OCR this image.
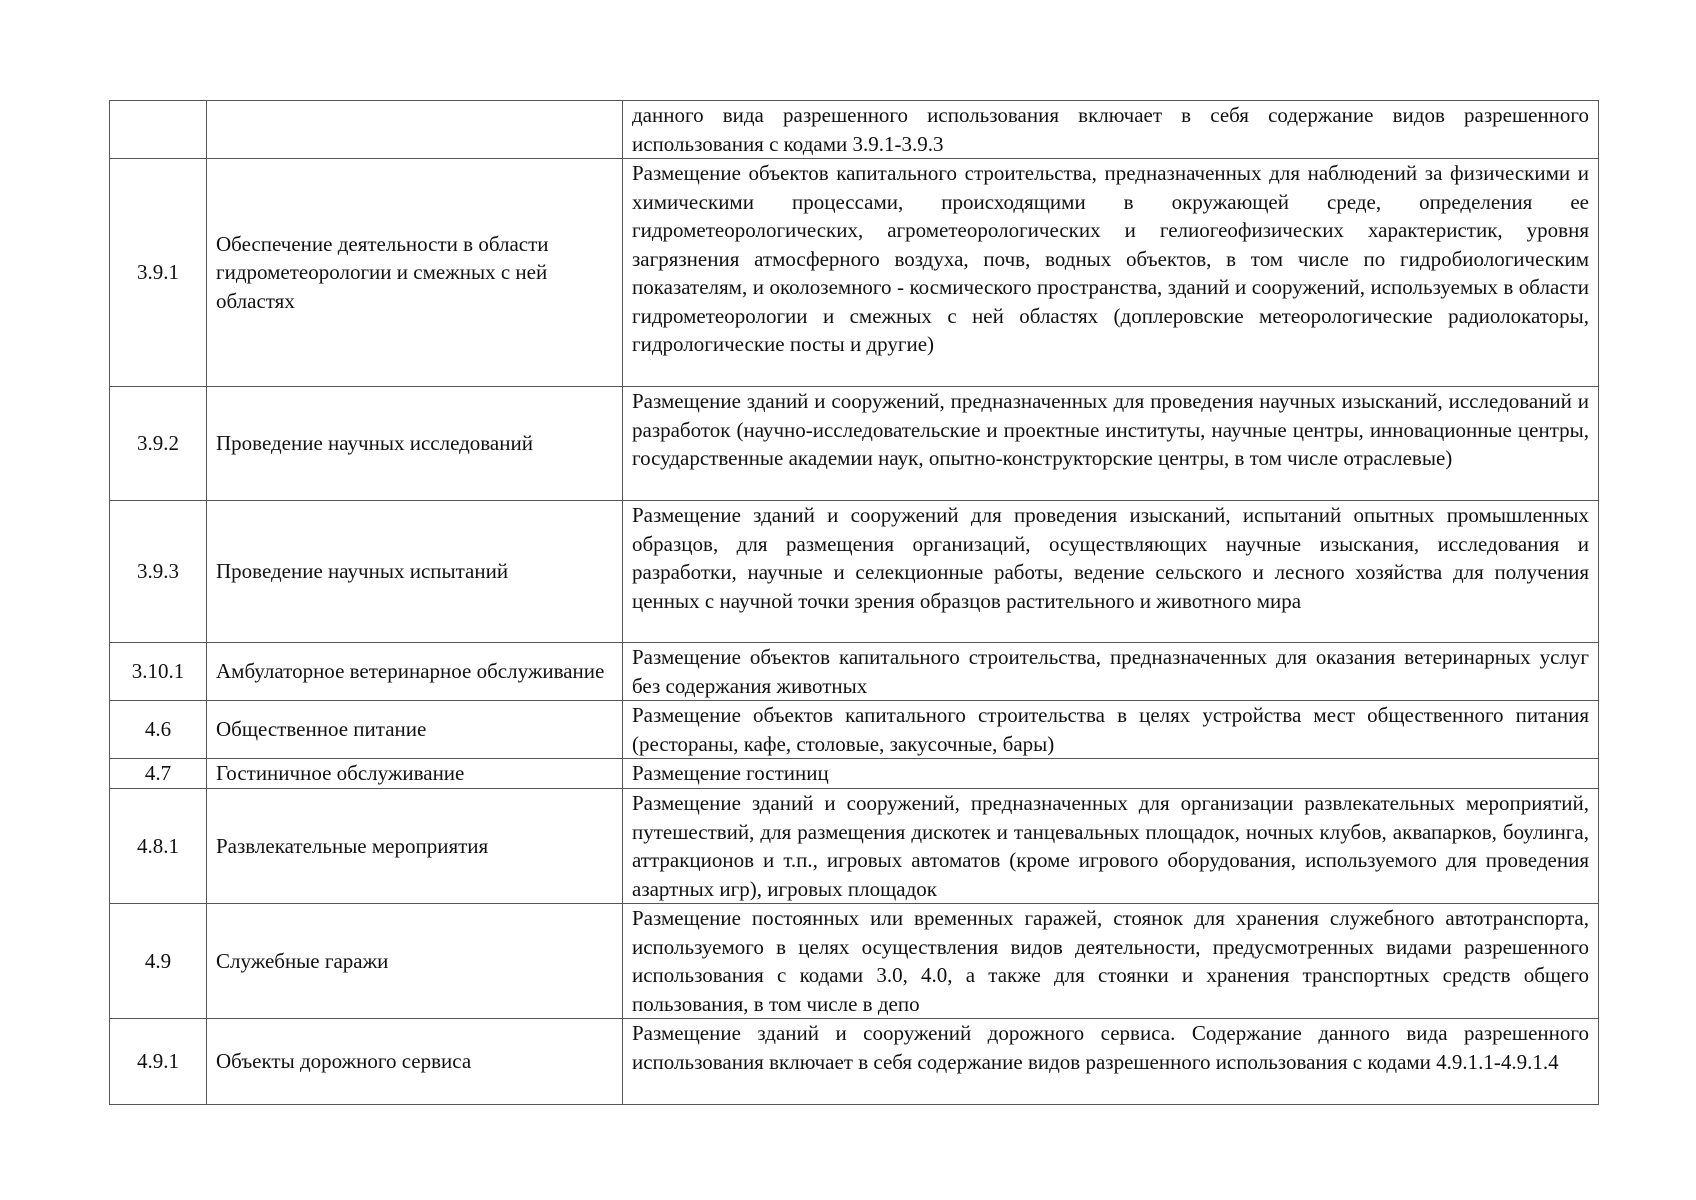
		данного вида разрешенного использования включает в себя содержание видов разрешенного использования с кодами 3.9.1-3.9.3
3.9.1	Обеспечение деятельности в области гидрометеорологии и смежных с ней областях	Размещение объектов капитального строительства, предназначенных для наблюдений за физическими и химическими процессами, происходящими в окружающей среде, определения ее гидрометеорологических, агрометеорологических и гелиогеофизических характеристик, уровня загрязнения атмосферного воздуха, почв, водных объектов, в том числе по гидробиологическим показателям, и околоземного - космического пространства, зданий и сооружений, используемых в области гидрометеорологии и смежных с ней областях (доплеровские метеорологические радиолокаторы, гидрологические посты и другие)
3.9.2	Проведение научных исследований	Размещение зданий и сооружений, предназначенных для проведения научных изысканий, исследований и разработок (научно-исследовательские и проектные институты, научные центры, инновационные центры, государственные академии наук, опытно-конструкторские центры, в том числе отраслевые)
3.9.3	Проведение научных испытаний	Размещение зданий и сооружений для проведения изысканий, испытаний опытных промышленных образцов, для размещения организаций, осуществляющих научные изыскания, исследования и разработки, научные и селекционные работы, ведение сельского и лесного хозяйства для получения ценных с научной точки зрения образцов растительного и животного мира
3.10.1	Амбулаторное ветеринарное обслуживание	Размещение объектов капитального строительства, предназначенных для оказания ветеринарных услуг без содержания животных
4.6	Общественное питание	Размещение объектов капитального строительства в целях устройства мест общественного питания (рестораны, кафе, столовые, закусочные, бары)
4.7	Гостиничное обслуживание	Размещение гостиниц
4.8.1	Развлекательные мероприятия	Размещение зданий и сооружений, предназначенных для организации развлекательных мероприятий, путешествий, для размещения дискотек и танцевальных площадок, ночных клубов, аквапарков, боулинга, аттракционов и т.п., игровых автоматов (кроме игрового оборудования, используемого для проведения азартных игр), игровых площадок
4.9	Служебные гаражи	Размещение постоянных или временных гаражей, стоянок для хранения служебного автотранспорта, используемого в целях осуществления видов деятельности, предусмотренных видами разрешенного использования с кодами 3.0, 4.0, а также для стоянки и хранения транспортных средств общего пользования, в том числе в депо
4.9.1	Объекты дорожного сервиса	Размещение зданий и сооружений дорожного сервиса. Содержание данного вида разрешенного использования включает в себя содержание видов разрешенного использования с кодами 4.9.1.1-4.9.1.4
